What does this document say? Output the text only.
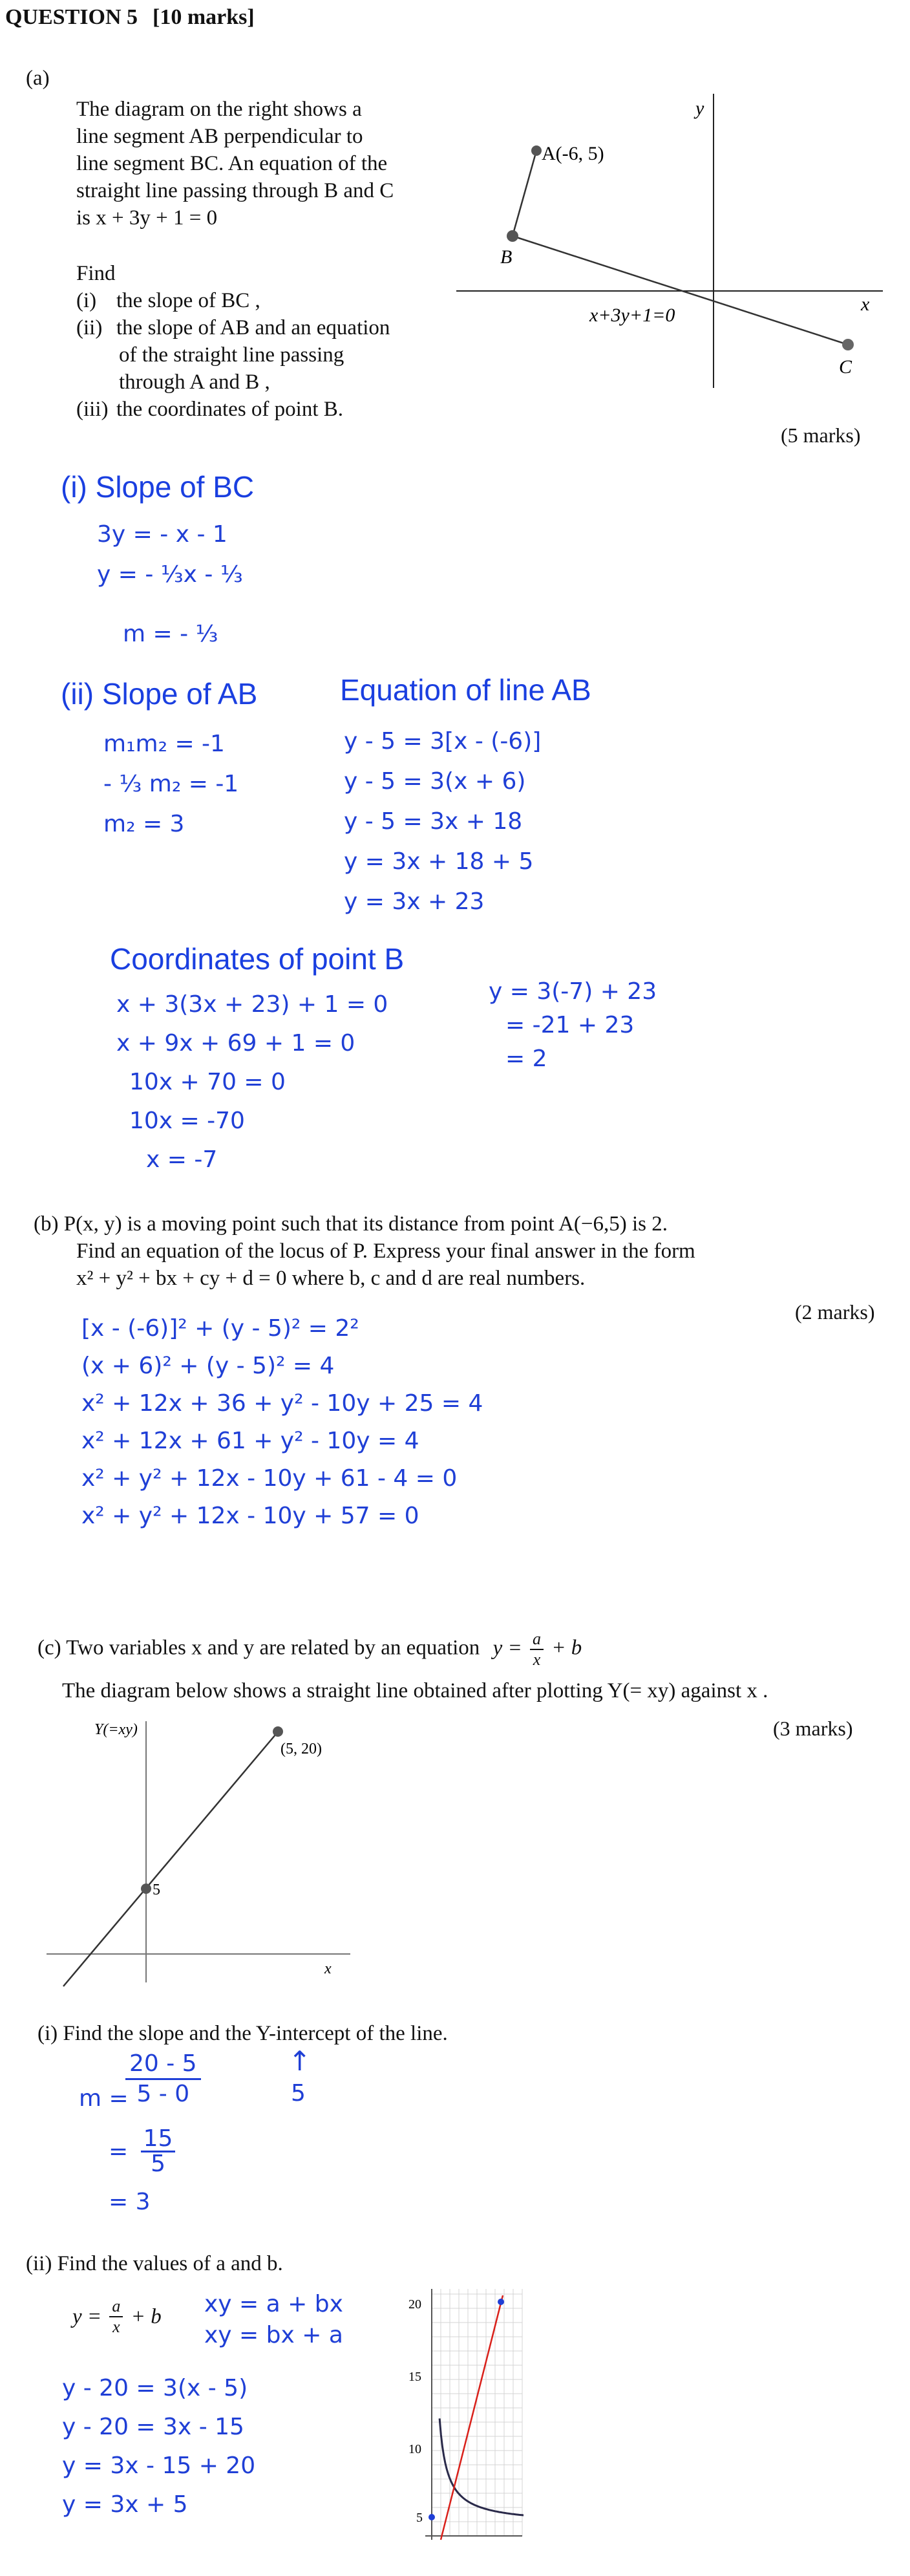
QUESTION 5 [10 marks]
(a)
The diagram on the right shows a
line segment AB perpendicular to
line segment BC. An equation of the
straight line passing through B and C
is x + 3y + 1 = 0
Find
(i) the slope of BC ,
(ii) the slope of AB and an equation
of the straight line passing
through A and B ,
(iii) the coordinates of point B.
(5 marks)
A(-6, 5)
B
C
y
x
x+3y+1=0
(i) Slope of BC
3y = - x - 1
y = - ⅓x - ⅓
m = - ⅓
(ii) Slope of AB
m₁m₂ = -1
- ⅓ m₂ = -1
m₂ = 3
Equation of line AB
y - 5 = 3[x - (-6)]
y - 5 = 3(x + 6)
y - 5 = 3x + 18
y = 3x + 18 + 5
y = 3x + 23
Coordinates of point B
x + 3(3x + 23) + 1 = 0
x + 9x + 69 + 1 = 0
10x + 70 = 0
10x = -70
x = -7
y = 3(-7) + 23
= -21 + 23
= 2
(b) P(x, y) is a moving point such that its distance from point A(−6,5) is 2.
Find an equation of the locus of P. Express your final answer in the form
x² + y² + bx + cy + d = 0 where b, c and d are real numbers.
(2 marks)
[x - (-6)]² + (y - 5)² = 2²
(x + 6)² + (y - 5)² = 4
x² + 12x + 36 + y² - 10y + 25 = 4
x² + 12x + 61 + y² - 10y = 4
x² + y² + 12x - 10y + 61 - 4 = 0
x² + y² + 12x - 10y + 57 = 0
(c) Two variables x and y are related by an equation $y = \frac{a}{x} + b$
The diagram below shows a straight line obtained after plotting Y(= xy) against x .
(3 marks)
Y(=xy)
x
(5, 20)
5
(i) Find the slope and the Y-intercept of the line.
m =
$\frac{20 - 5}{5 - 0}$
= $\frac{15}{5}$
= 3
↑
5
(ii) Find the values of a and b.
$y = \frac{a}{x} + b$ xy = a + bx
xy = bx + a
y - 20 = 3(x - 5)
y - 20 = 3x - 15
y = 3x - 15 + 20
y = 3x + 5
20
15
10
5
